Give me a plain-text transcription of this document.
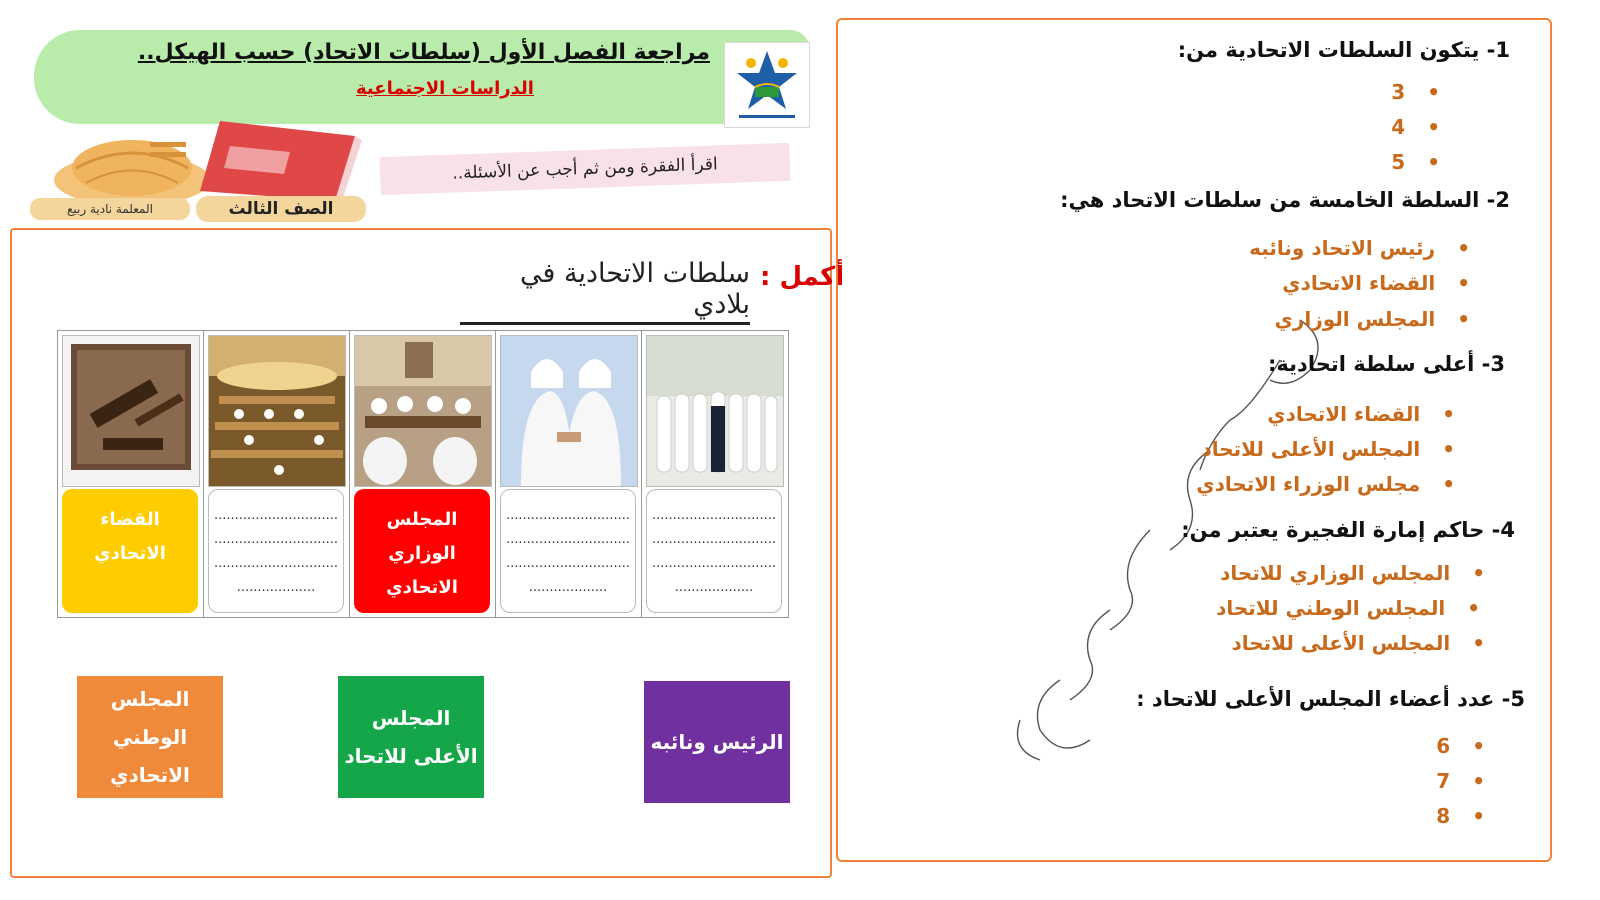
مراجعة الفصل الأول (سلطات الاتحاد) حسب الهيكل..
الدراسات الاجتماعية
اقرأ الفقرة ومن ثم أجب عن الأسئلة..
المعلمة نادية ربيع	الصف الثالث
أكمل :
سلطات الاتحادية في بلادي
القضاء الاتحادي
..............................
..............................
..............................
...................
المجلس الوزاري الاتحادي
..............................
..............................
..............................
...................
..............................
..............................
..............................
...................
المجلس الوطني الاتحادي
المجلس الأعلى للاتحاد
الرئيس ونائبه
1- يتكون السلطات الاتحادية من:
•3
•4
•5
2- السلطة الخامسة من سلطات الاتحاد هي:
•رئيس الاتحاد ونائبه
•القضاء الاتحادي
•المجلس الوزاري
3- أعلى سلطة اتحادية:
•القضاء الاتحادي
•المجلس الأعلى للاتحاد
•مجلس الوزراء الاتحادي
4- حاكم إمارة الفجيرة يعتبر من:
•المجلس الوزاري للاتحاد
•المجلس الوطني للاتحاد
•المجلس الأعلى للاتحاد
5- عدد أعضاء المجلس الأعلى للاتحاد :
•6
•7
•8
